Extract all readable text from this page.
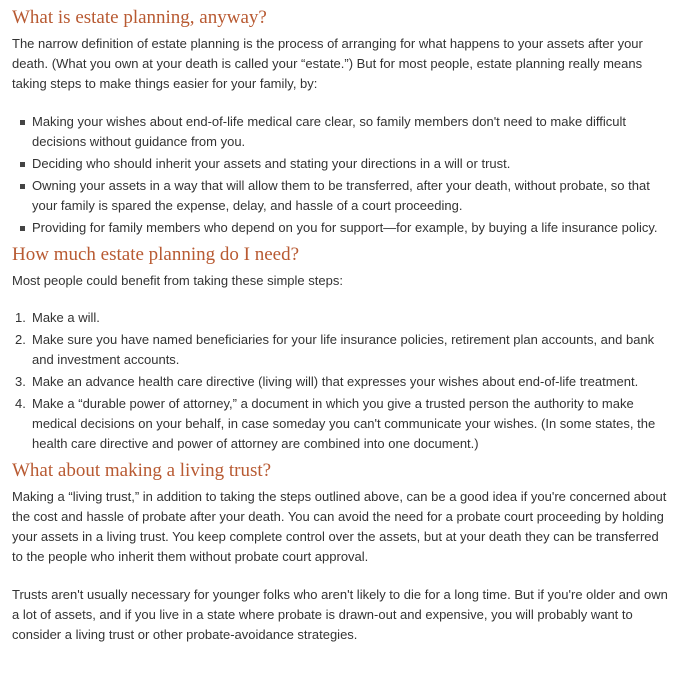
What is estate planning, anyway?

The narrow definition of estate planning is the process of arranging for what happens to your assets after your death. (What you own at your death is called your “estate.”) But for most people, estate planning really means taking steps to make things easier for your family, by:

Making your wishes about end-of-life medical care clear, so family members don't need to make difficult decisions without guidance from you.
Deciding who should inherit your assets and stating your directions in a will or trust.
Owning your assets in a way that will allow them to be transferred, after your death, without probate, so that your family is spared the expense, delay, and hassle of a court proceeding.
Providing for family members who depend on you for support—for example, by buying a life insurance policy.
How much estate planning do I need?

Most people could benefit from taking these simple steps:

1. Make a will.
2. Make sure you have named beneficiaries for your life insurance policies, retirement plan accounts, and bank and investment accounts.
3. Make an advance health care directive (living will) that expresses your wishes about end-of-life treatment.
4. Make a “durable power of attorney,” a document in which you give a trusted person the authority to make medical decisions on your behalf, in case someday you can't communicate your wishes. (In some states, the health care directive and power of attorney are combined into one document.)
What about making a living trust?

Making a “living trust,” in addition to taking the steps outlined above, can be a good idea if you're concerned about the cost and hassle of probate after your death. You can avoid the need for a probate court proceeding by holding your assets in a living trust. You keep complete control over the assets, but at your death they can be transferred to the people who inherit them without probate court approval.

Trusts aren't usually necessary for younger folks who aren't likely to die for a long time. But if you're older and own a lot of assets, and if you live in a state where probate is drawn-out and expensive, you will probably want to consider a living trust or other probate-avoidance strategies.
